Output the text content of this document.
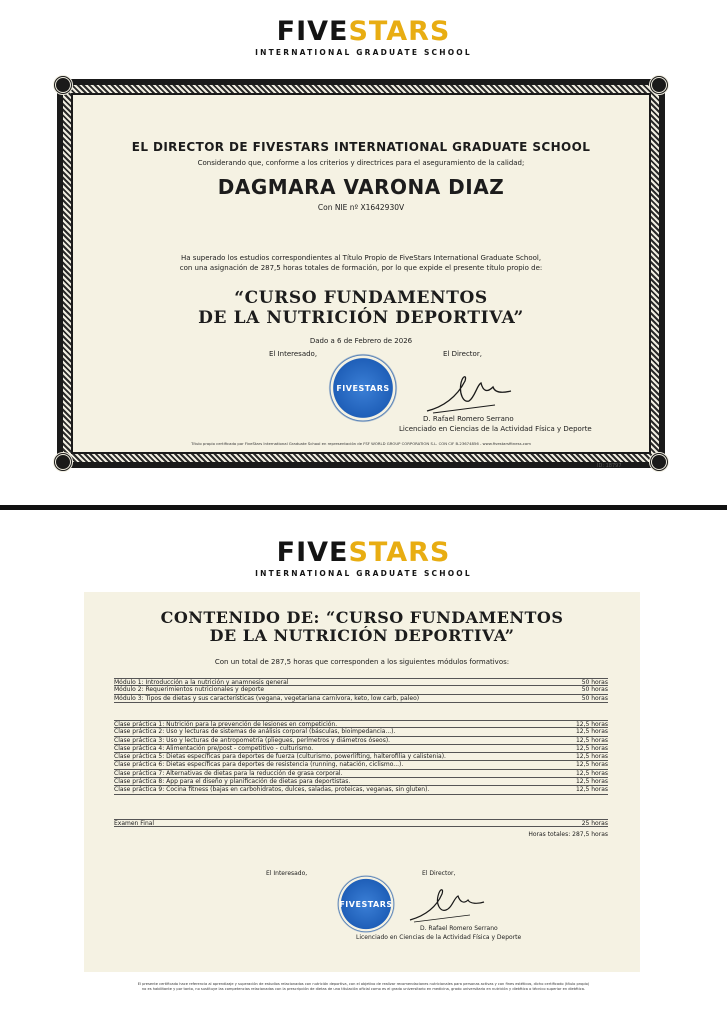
FIVESTARS
INTERNATIONAL GRADUATE SCHOOL
EL DIRECTOR DE FIVESTARS INTERNATIONAL GRADUATE SCHOOL
Considerando que, conforme a los criterios y directrices para el aseguramiento de la calidad;
DAGMARA VARONA DIAZ
Con NIE nº X1642930V
Ha superado los estudios correspondientes al Título Propio de FiveStars International Graduate School,
con una asignación de 287,5 horas totales de formación, por lo que expide el presente título propio de:
“CURSO FUNDAMENTOS
DE LA NUTRICIÓN DEPORTIVA”
Dado a 6 de Febrero de 2026
El Interesado,	El Director,
FIVESTARS
D. Rafael Romero Serrano
Licenciado en Ciencias de la Actividad Física y Deporte
Título propio certificado por FiveStars International Graduate School en representación de FSF WORLD GROUP CORPORATION S.L. CON CIF B-23674856 - www.fivestarsfitness.com
ID: 18797
FIVESTARS
INTERNATIONAL GRADUATE SCHOOL
CONTENIDO DE: “CURSO FUNDAMENTOS
DE LA NUTRICIÓN DEPORTIVA”
Con un total de 287,5 horas que corresponden a los siguientes módulos formativos:
Módulo 1: Introducción a la nutrición y anamnesis general	50 horas
Módulo 2: Requerimientos nutricionales y deporte	50 horas
Módulo 3: Tipos de dietas y sus características (vegana, vegetariana carnívora, keto, low carb, paleo)	50 horas
Clase práctica 1: Nutrición para la prevención de lesiones en competición.	12,5 horas
Clase práctica 2: Uso y lecturas de sistemas de análisis corporal (básculas, bioimpedancia...).	12,5 horas
Clase práctica 3: Uso y lecturas de antropometría (pliegues, perímetros y diámetros óseos).	12,5 horas
Clase práctica 4: Alimentación pre/post - competitivo - culturismo.	12,5 horas
Clase práctica 5: Dietas específicas para deportes de fuerza (culturismo, powerlifting, halterofilia y calistenia).	12,5 horas
Clase práctica 6: Dietas específicas para deportes de resistencia (running, natación, ciclismo...).	12,5 horas
Clase práctica 7: Alternativas de dietas para la reducción de grasa corporal.	12,5 horas
Clase práctica 8: App para el diseño y planificación de dietas para deportistas.	12,5 horas
Clase práctica 9: Cocina fitness (bajas en carbohidratos, dulces, saladas, proteicas, veganas, sin gluten).	12,5 horas
Examen Final	25 horas
Horas totales: 287,5 horas
El Interesado,	El Director,
FIVESTARS
D. Rafael Romero Serrano
Licenciado en Ciencias de la Actividad Física y Deporte
El presente certificado hace referencia al aprendizaje y superación de estudios relacionados con nutrición deportiva, con el objetivo de realizar recomendaciones nutricionales para personas activas y con fines estéticos, dicho certificado (título propio)
no es habilitante y por tanto, no sustituye las competencias relacionadas con la prescripción de dietas de una titulación oficial como es el grado universitario en medicina, grado universitario en nutrición y dietética o técnico superior en dietética.
